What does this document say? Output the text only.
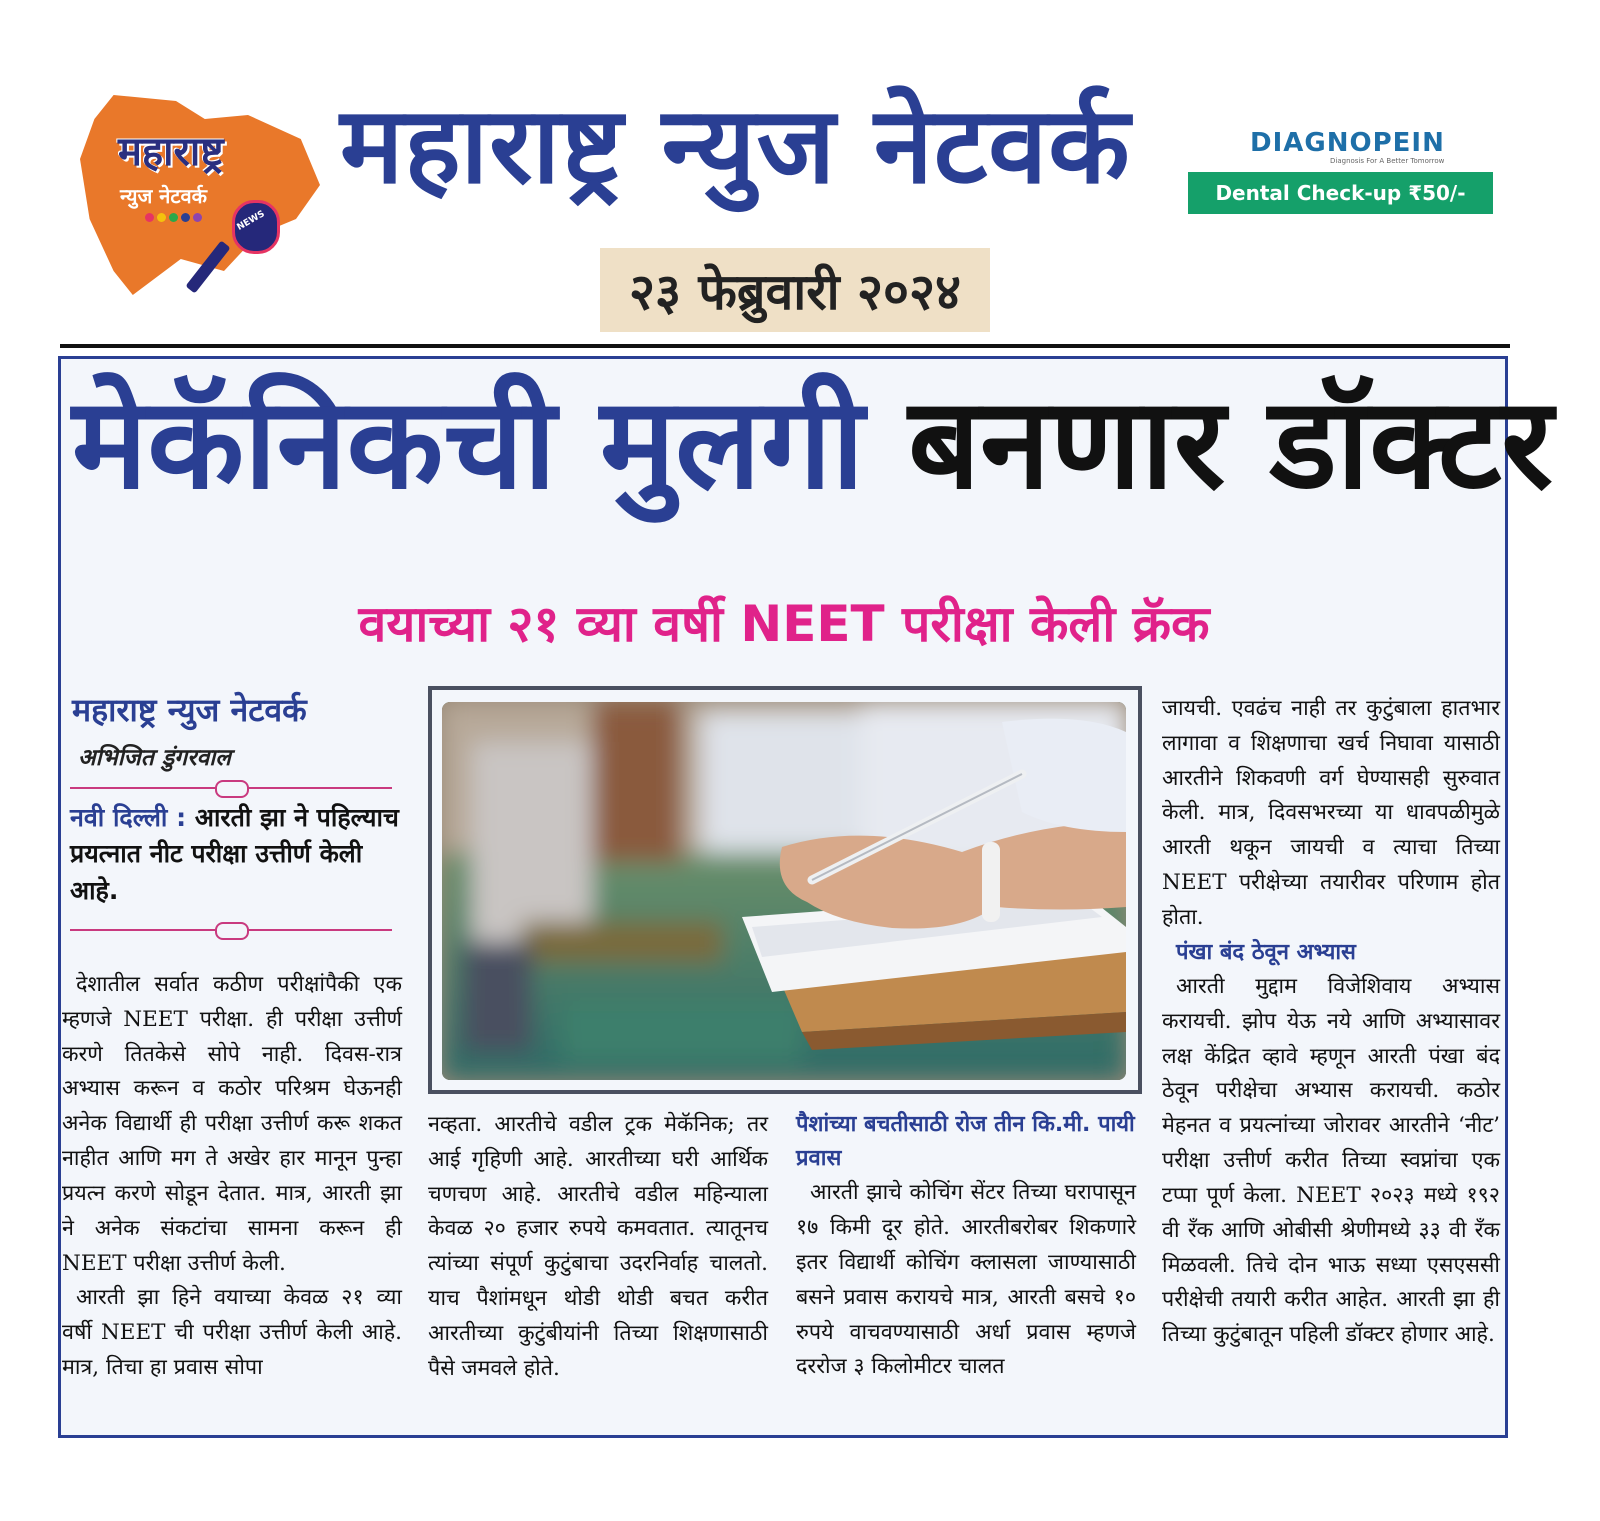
महाराष्ट्र
न्युज नेटवर्क
NEWS
महाराष्ट्र न्युज नेटवर्क
२३ फेब्रुवारी २०२४
DIAGNOPEIN
Diagnosis For A Better Tomorrow
Dental Check-up ₹50/-
मेकॅनिकची मुलगी बनणार डॉक्टर
वयाच्या २१ व्या वर्षी NEET परीक्षा केली क्रॅक
महाराष्ट्र न्युज नेटवर्क
अभिजित डुंगरवाल
नवी दिल्ली : आरती झा ने पहिल्याच प्रयत्नात नीट परीक्षा उत्तीर्ण केली आहे.

देशातील सर्वात कठीण परीक्षांपैकी एक म्हणजे NEET परीक्षा. ही परीक्षा उत्तीर्ण करणे तितकेसे सोपे नाही. दिवस-रात्र अभ्यास करून व कठोर परिश्रम घेऊनही अनेक विद्यार्थी ही परीक्षा उत्तीर्ण करू शकत नाहीत आणि मग ते अखेर हार मानून पुन्हा प्रयत्न करणे सोडून देतात. मात्र, आरती झा ने अनेक संकटांचा सामना करून ही NEET परीक्षा उत्तीर्ण केली.

आरती झा हिने वयाच्या केवळ २१ व्या वर्षी NEET ची परीक्षा उत्तीर्ण केली आहे. मात्र, तिचा हा प्रवास सोपा

नव्हता. आरतीचे वडील ट्रक मेकॅनिक; तर आई गृहिणी आहे. आरतीच्या घरी आर्थिक चणचण आहे. आरतीचे वडील महिन्याला केवळ २० हजार रुपये कमवतात. त्यातूनच त्यांच्या संपूर्ण कुटुंबाचा उदरनिर्वाह चालतो. याच पैशांमधून थोडी थोडी बचत करीत आरतीच्या कुटुंबीयांनी तिच्या शिक्षणासाठी पैसे जमवले होते.

पैशांच्या बचतीसाठी रोज तीन कि.मी. पायी प्रवास

आरती झाचे कोचिंग सेंटर तिच्या घरापासून १७ किमी दूर होते. आरतीबरोबर शिकणारे इतर विद्यार्थी कोचिंग क्लासला जाण्यासाठी बसने प्रवास करायचे मात्र, आरती बसचे १० रुपये वाचवण्यासाठी अर्धा प्रवास म्हणजे दररोज ३ किलोमीटर चालत

जायची. एवढंच नाही तर कुटुंबाला हातभार लागावा व शिक्षणाचा खर्च निघावा यासाठी आरतीने शिकवणी वर्ग घेण्यासही सुरुवात केली. मात्र, दिवसभरच्या या धावपळीमुळे आरती थकून जायची व त्याचा तिच्या NEET परीक्षेच्या तयारीवर परिणाम होत होता.

पंखा बंद ठेवून अभ्यास

आरती मुद्दाम विजेशिवाय अभ्यास करायची. झोप येऊ नये आणि अभ्यासावर लक्ष केंद्रित व्हावे म्हणून आरती पंखा बंद ठेवून परीक्षेचा अभ्यास करायची. कठोर मेहनत व प्रयत्नांच्या जोरावर आरतीने ‘नीट’ परीक्षा उत्तीर्ण करीत तिच्या स्वप्नांचा एक टप्पा पूर्ण केला. NEET २०२३ मध्ये १९२ वी रँक आणि ओबीसी श्रेणीमध्ये ३३ वी रँक मिळवली. तिचे दोन भाऊ सध्या एसएससी परीक्षेची तयारी करीत आहेत. आरती झा ही तिच्या कुटुंबातून पहिली डॉक्टर होणार आहे.
